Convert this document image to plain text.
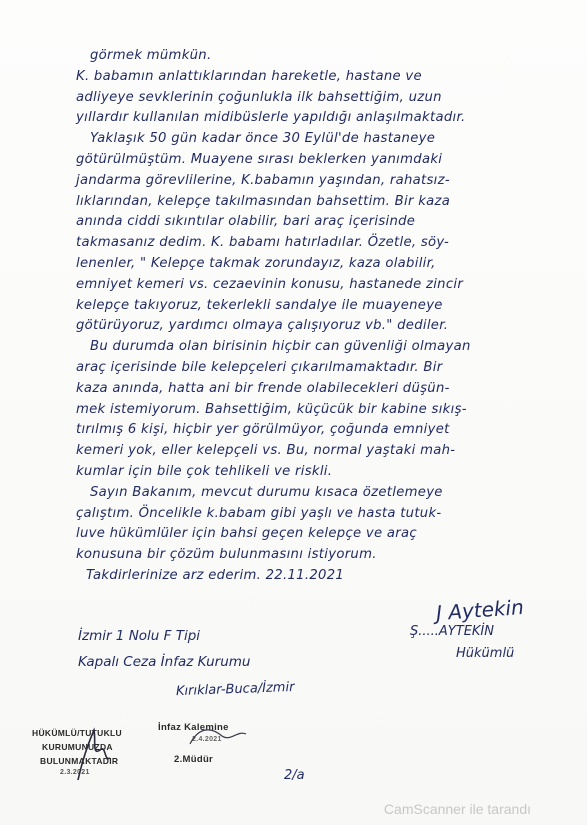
görmek mümkün.
K. babamın anlattıklarından hareketle, hastane ve
adliyeye sevklerinin çoğunlukla ilk bahsettiğim, uzun
yıllardır kullanılan midibüslerle yapıldığı anlaşılmaktadır.
Yaklaşık 50 gün kadar önce 30 Eylül'de hastaneye
götürülmüştüm. Muayene sırası beklerken yanımdaki
jandarma görevlilerine, K.babamın yaşından, rahatsız-
lıklarından, kelepçe takılmasından bahsettim. Bir kaza
anında ciddi sıkıntılar olabilir, bari araç içerisinde
takmasanız dedim. K. babamı hatırladılar. Özetle, söy-
lenenler, " Kelepçe takmak zorundayız, kaza olabilir,
emniyet kemeri vs. cezaevinin konusu, hastanede zincir
kelepçe takıyoruz, tekerlekli sandalye ile muayeneye
götürüyoruz, yardımcı olmaya çalışıyoruz vb." dediler.
Bu durumda olan birisinin hiçbir can güvenliği olmayan
araç içerisinde bile kelepçeleri çıkarılmamaktadır. Bir
kaza anında, hatta ani bir frende olabilecekleri düşün-
mek istemiyorum. Bahsettiğim, küçücük bir kabine sıkış-
tırılmış 6 kişi, hiçbir yer görülmüyor, çoğunda emniyet
kemeri yok, eller kelepçeli vs. Bu, normal yaştaki mah-
kumlar için bile çok tehlikeli ve riskli.
Sayın Bakanım, mevcut durumu kısaca özetlemeye
çalıştım. Öncelikle k.babam gibi yaşlı ve hasta tutuk-
luve hükümlüler için bahsi geçen kelepçe ve araç
konusuna bir çözüm bulunmasını istiyorum.
Takdirlerinize arz ederim. 22.11.2021
J Aytekin
Ş.....AYTEKİN
Hükümlü
İzmir 1 Nolu F Tipi
Kapalı Ceza İnfaz Kurumu
Kırıklar-Buca/İzmir
HÜKÜMLÜ/TUTUKLU
KURUMUNUZDA
BULUNMAKTADIR
2.3.2021
İnfaz Kalemine
2.4.2021
2.Müdür
2/a
CamScanner ile tarandı
